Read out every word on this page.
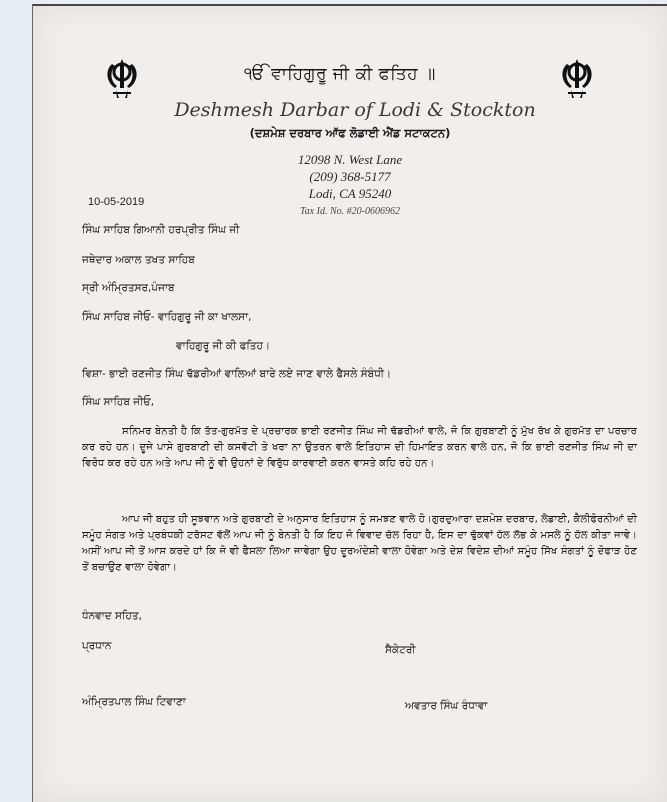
ੴ ਵਾਹਿਗੁਰੂ ਜੀ ਕੀ ਫਤਿਹ ॥
Deshmesh Darbar of Lodi & Stockton
(ਦਸ਼ਮੇਸ਼ ਦਰਬਾਰ ਆੱਫ ਲੋਡਾਈ ਐਂਡ ਸਟਾਕਟਨ)
12098 N. West Lane
(209) 368-5177
Lodi, CA 95240
Tax Id. No. #20-0606962
10-05-2019
ਸਿੰਘ ਸਾਹਿਬ ਗਿਆਨੀ ਹਰਪ੍ਰੀਤ ਸਿੰਘ ਜੀ
ਜਥੇਦਾਰ ਅਕਾਲ ਤਖਤ ਸਾਹਿਬ
ਸ੍ਰੀ ਅੰਮ੍ਰਿਤਸਰ,ਪੰਜਾਬ
ਸਿੰਘ ਸਾਹਿਬ ਜੀਓ- ਵਾਹਿਗੁਰੂ ਜੀ ਕਾ ਖਾਲਸਾ,
ਵਾਹਿਗੁਰੂ ਜੀ ਕੀ ਫਤਿਹ।
ਵਿਸ਼ਾ- ਭਾਈ ਰਣਜੀਤ ਸਿੰਘ ਢੱਡਰੀਆਂ ਵਾਲਿਆਂ ਬਾਰੇ ਲਏ ਜਾਣ ਵਾਲੇ ਫੈਸਲੇ ਸੰਬੰਧੀ।
ਸਿੰਘ ਸਾਹਿਬ ਜੀਓ,
ਸਨਿਮਰ ਬੇਨਤੀ ਹੈ ਕਿ ਤੱਤ-ਗੁਰਮੱਤ ਦੇ ਪ੍ਰਚਾਰਕ ਭਾਈ ਰਣਜੀਤ ਸਿੰਘ ਜੀ ਢੱਡਰੀਆਂ ਵਾਲੇ, ਜੋ ਕਿ ਗੁਰਬਾਣੀ ਨੂੰ ਮੁੱਖ ਰੱਖ ਕੇ ਗੁਰਮੱਤ ਦਾ ਪਰਚਾਰ ਕਰ ਰਹੇ ਹਨ। ਦੂਜੇ ਪਾਸੇ ਗੁਰਬਾਣੀ ਦੀ ਕਸਵੱਟੀ ਤੇ ਖਰਾ ਨਾ ਉਤਰਨ ਵਾਲੇ ਇਤਿਹਾਸ ਦੀ ਹਿਮਾਇਤ ਕਰਨ ਵਾਲੇ ਹਨ, ਜੋ ਕਿ ਭਾਈ ਰਣਜੀਤ ਸਿੰਘ ਜੀ ਦਾ ਵਿਰੋਧ ਕਰ ਰਹੇ ਹਨ ਅਤੇ ਆਪ ਜੀ ਨੂੰ ਵੀ ਉਹਨਾਂ ਦੇ ਵਿਰੁੱਧ ਕਾਰਵਾਈ ਕਰਨ ਵਾਸਤੇ ਕਹਿ ਰਹੇ ਹਨ।
ਆਪ ਜੀ ਬਹੁਤ ਹੀ ਸੂਝਵਾਨ ਅਤੇ ਗੁਰਬਾਣੀ ਦੇ ਅਨੁਸਾਰ ਇਤਿਹਾਸ ਨੂੰ ਸਮਝਣ ਵਾਲੇ ਹੋ।ਗੁਰਦੁਆਰਾ ਦਸ਼ਮੇਸ਼ ਦਰਬਾਰ, ਲੋਡਾਈ, ਕੈਲੀਫੋਰਨੀਆਂ ਦੀ ਸਮੂੰਹ ਸੰਗਤ ਅਤੇ ਪ੍ਰਬੰਧਕੀ ਟਰੱਸਟ ਵੱਲੋਂ ਆਪ ਜੀ ਨੂੰ ਬੇਨਤੀ ਹੈ ਕਿ ਇਹ ਜੋ ਵਿਵਾਦ ਚੱਲ ਰਿਹਾ ਹੈ, ਇਸ ਦਾ ਢੁੱਕਵਾਂ ਹੱਲ ਲੱਭ ਕੇ ਮਸਲੇ ਨੂੰ ਹੱਲ ਕੀਤਾ ਜਾਵੇ।ਅਸੀਂ ਆਪ ਜੀ ਤੋਂ ਆਸ ਕਰਦੇ ਹਾਂ ਕਿ ਜੋ ਵੀ ਫੈਸਲਾ ਲਿਆ ਜਾਵੇਗਾ ਉਹ ਦੂਰਅੰਦੇਸ਼ੀ ਵਾਲਾ ਹੋਵੇਗਾ ਅਤੇ ਦੇਸ਼ ਵਿਦੇਸ਼ ਦੀਆਂ ਸਮੂੰਹ ਸਿੱਖ ਸੰਗਤਾਂ ਨੂੰ ਦੋਫਾੜ ਹੋਣ ਤੋਂ ਬਚਾਉਣ ਵਾਲਾ ਹੋਵੇਗਾ।
ਧੰਨਵਾਦ ਸਹਿਤ,
ਪ੍ਰਧਾਨ	ਸੈਕੇਟਰੀ
ਅੰਮ੍ਰਿਤਪਾਲ ਸਿੰਘ ਟਿਵਾਣਾ	ਅਵਤਾਰ ਸਿੰਘ ਰੰਧਾਵਾ
